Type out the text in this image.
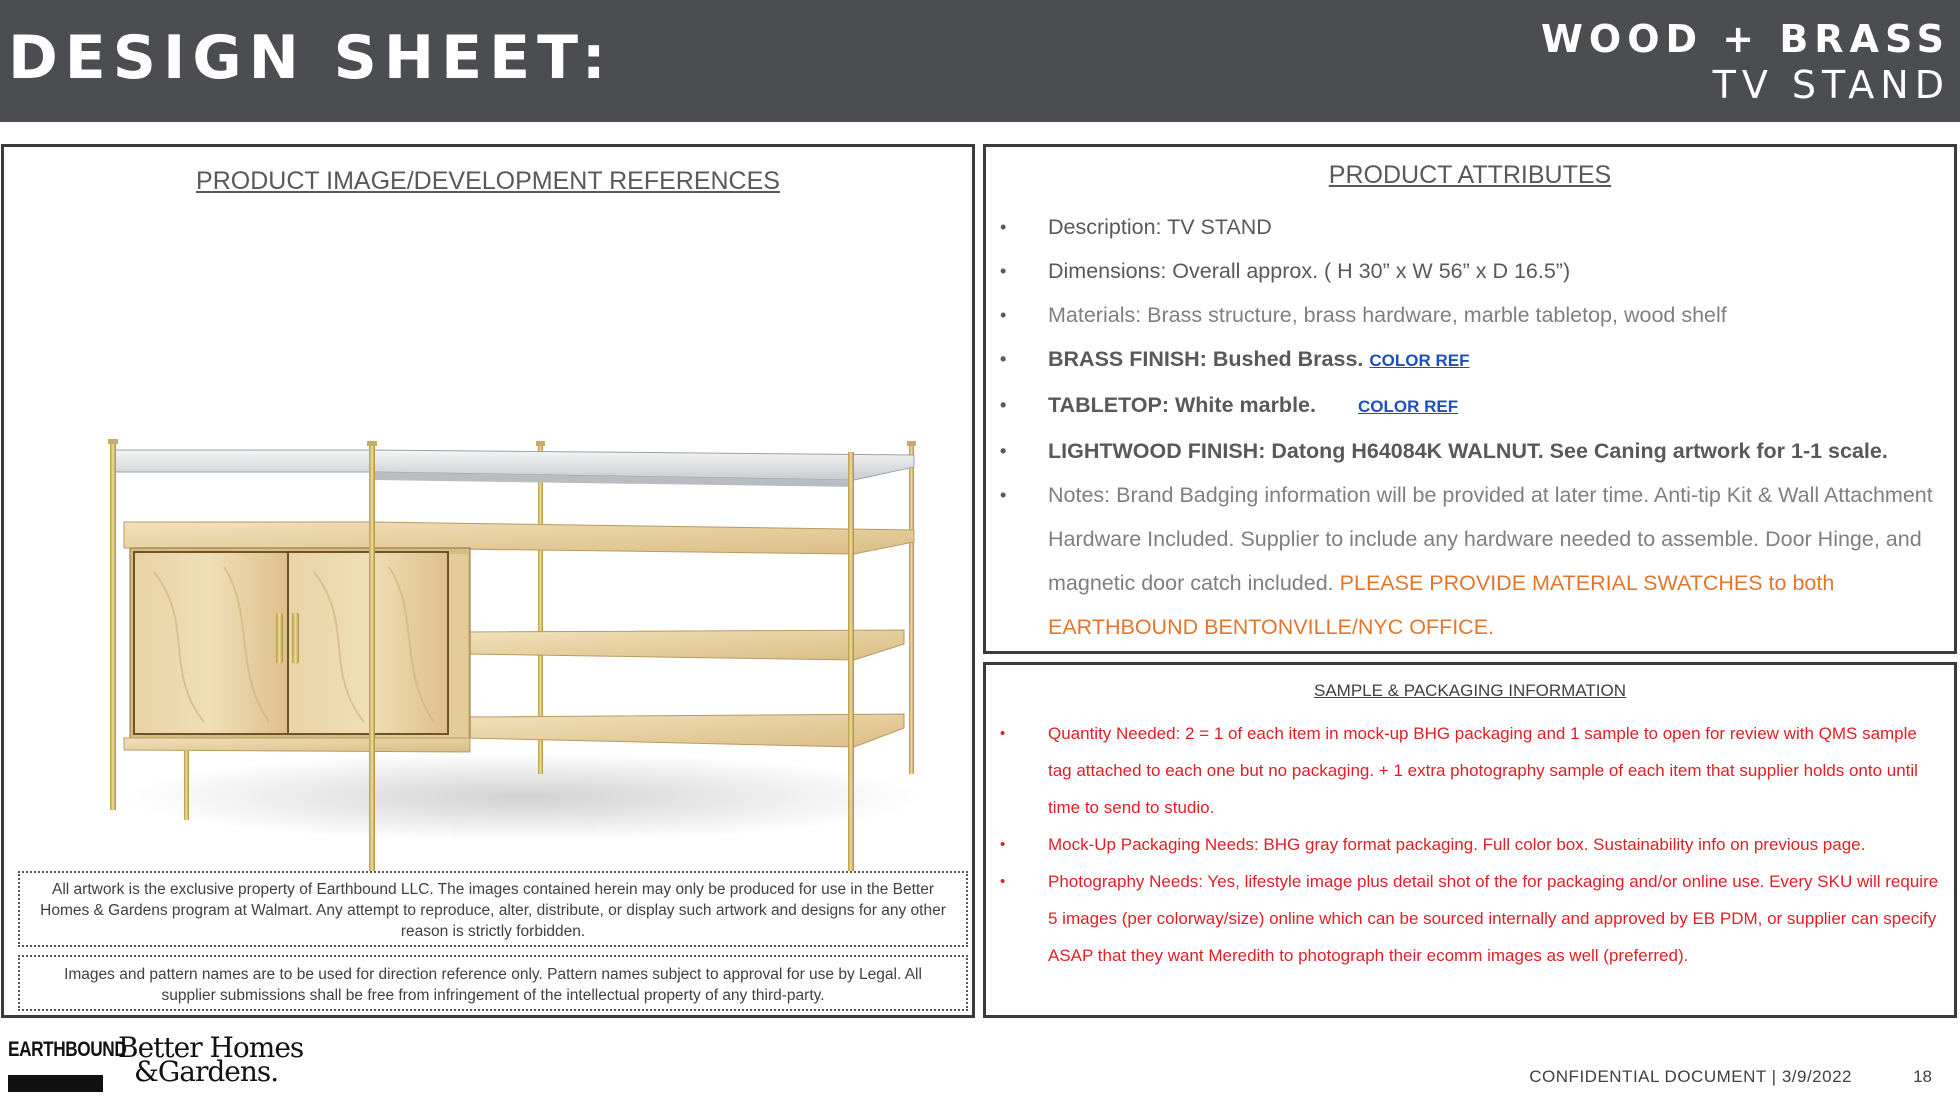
DESIGN SHEET:	WOOD + BRASS
TV STAND
PRODUCT IMAGE/DEVELOPMENT REFERENCES
All artwork is the exclusive property of Earthbound LLC. The images contained herein may only be produced for use in the Better Homes & Gardens program at Walmart. Any attempt to reproduce, alter, distribute, or display such artwork and designs for any other reason is strictly forbidden.
Images and pattern names are to be used for direction reference only. Pattern names subject to approval for use by Legal. All supplier submissions shall be free from infringement of the intellectual property of any third-party.
PRODUCT ATTRIBUTES
• Description: TV STAND
• Dimensions: Overall approx. ( H 30” x W 56” x D 16.5”)
• Materials: Brass structure, brass hardware, marble tabletop, wood shelf
• BRASS FINISH: Bushed Brass. COLOR REF
• TABLETOP: White marble. COLOR REF
• LIGHTWOOD FINISH: Datong H64084K WALNUT. See Caning artwork for 1-1 scale.
• Notes: Brand Badging information will be provided at later time. Anti-tip Kit & Wall Attachment Hardware Included. Supplier to include any hardware needed to assemble. Door Hinge, and magnetic door catch included. PLEASE PROVIDE MATERIAL SWATCHES to both EARTHBOUND BENTONVILLE/NYC OFFICE.
SAMPLE & PACKAGING INFORMATION
•	Quantity Needed: 2 = 1 of each item in mock-up BHG packaging and 1 sample to open for review with QMS sample tag attached to each one but no packaging. + 1 extra photography sample of each item that supplier holds onto until time to send to studio.
•	Mock-Up Packaging Needs: BHG gray format packaging. Full color box. Sustainability info on previous page.
•	Photography Needs: Yes, lifestyle image plus detail shot of the for packaging and/or online use. Every SKU will require 5 images (per colorway/size) online which can be sourced internally and approved by EB PDM, or supplier can specify ASAP that they want Meredith to photograph their ecomm images as well (preferred).
EARTHBOUND
Better Homes
&Gardens.	CONFIDENTIAL DOCUMENT | 3/9/2022	18
